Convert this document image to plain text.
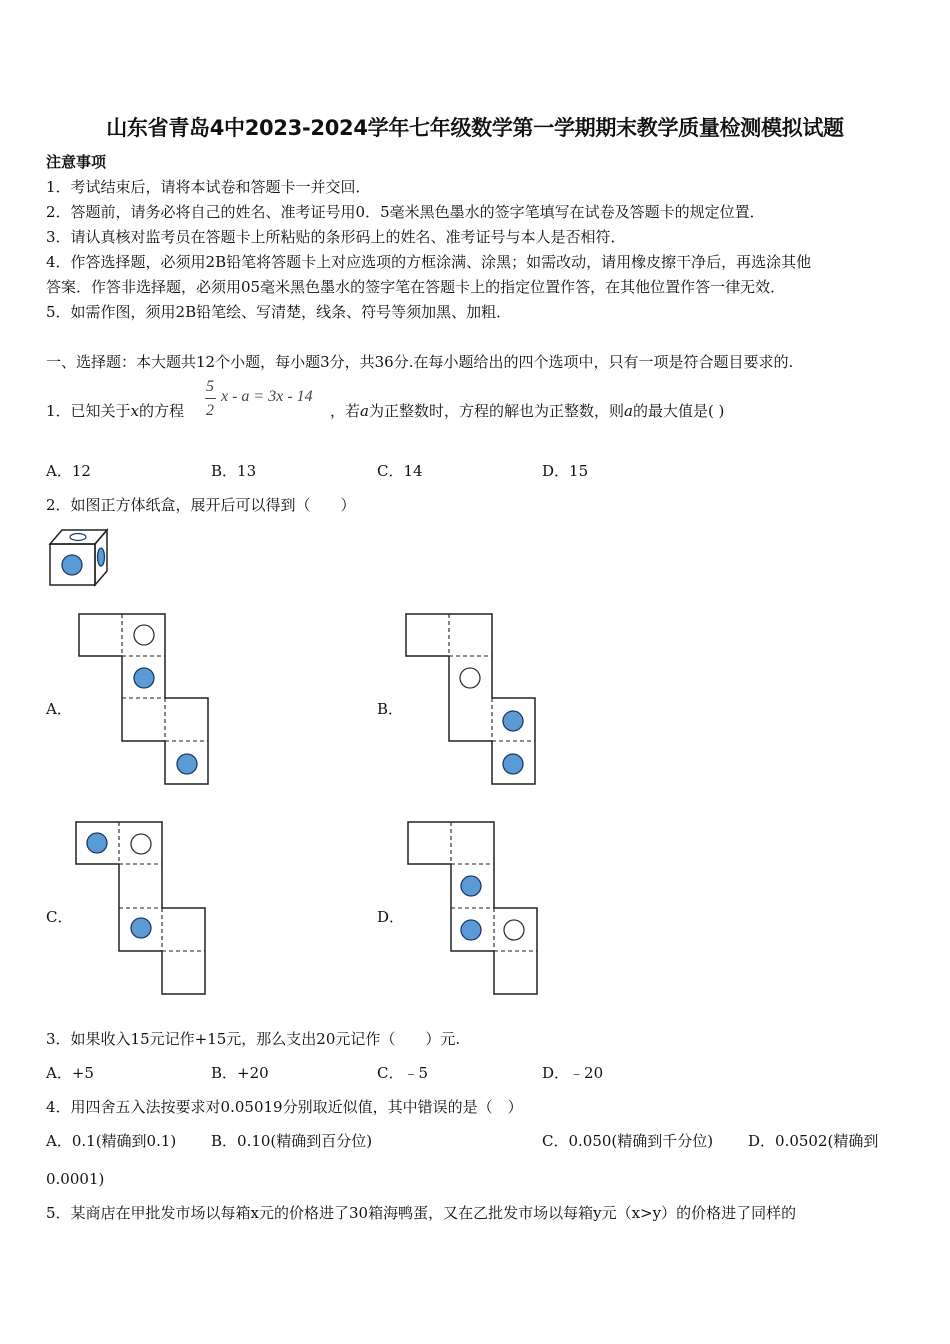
山东省青岛4中2023-2024学年七年级数学第一学期期末教学质量检测模拟试题
注意事项
1．考试结束后，请将本试卷和答题卡一并交回．
2．答题前，请务必将自己的姓名、准考证号用0．5毫米黑色墨水的签字笔填写在试卷及答题卡的规定位置．
3．请认真核对监考员在答题卡上所粘贴的条形码上的姓名、准考证号与本人是否相符．
4．作答选择题，必须用2B铅笔将答题卡上对应选项的方框涂满、涂黑；如需改动，请用橡皮擦干净后，再选涂其他
答案．作答非选择题，必须用05毫米黑色墨水的签字笔在答题卡上的指定位置作答，在其他位置作答一律无效．
5．如需作图，须用2B铅笔绘、写清楚，线条、符号等须加黑、加粗．
一、选择题：本大题共12个小题，每小题3分，共36分.在每小题给出的四个选项中，只有一项是符合题目要求的.
1．已知关于x的方程
5
2
x - a = 3x - 14
，若a为正整数时，方程的解也为正整数，则a的最大值是( )
A．12	B．13	C．14	D．15
2．如图正方体纸盒，展开后可以得到（　　）
A．	B．
C．	D．
3．如果收入15元记作+15元，那么支出20元记作（　　）元.
A．+5	B．+20	C．﹣5	D．﹣20
4．用四舍五入法按要求对0.05019分别取近似值，其中错误的是（　）
A．0.1(精确到0.1) B．0.10(精确到百分位)	C．0.050(精确到千分位) D．0.0502(精确到
0.0001)
5．某商店在甲批发市场以每箱x元的价格进了30箱海鸭蛋，又在乙批发市场以每箱y元（x>y）的价格进了同样的
